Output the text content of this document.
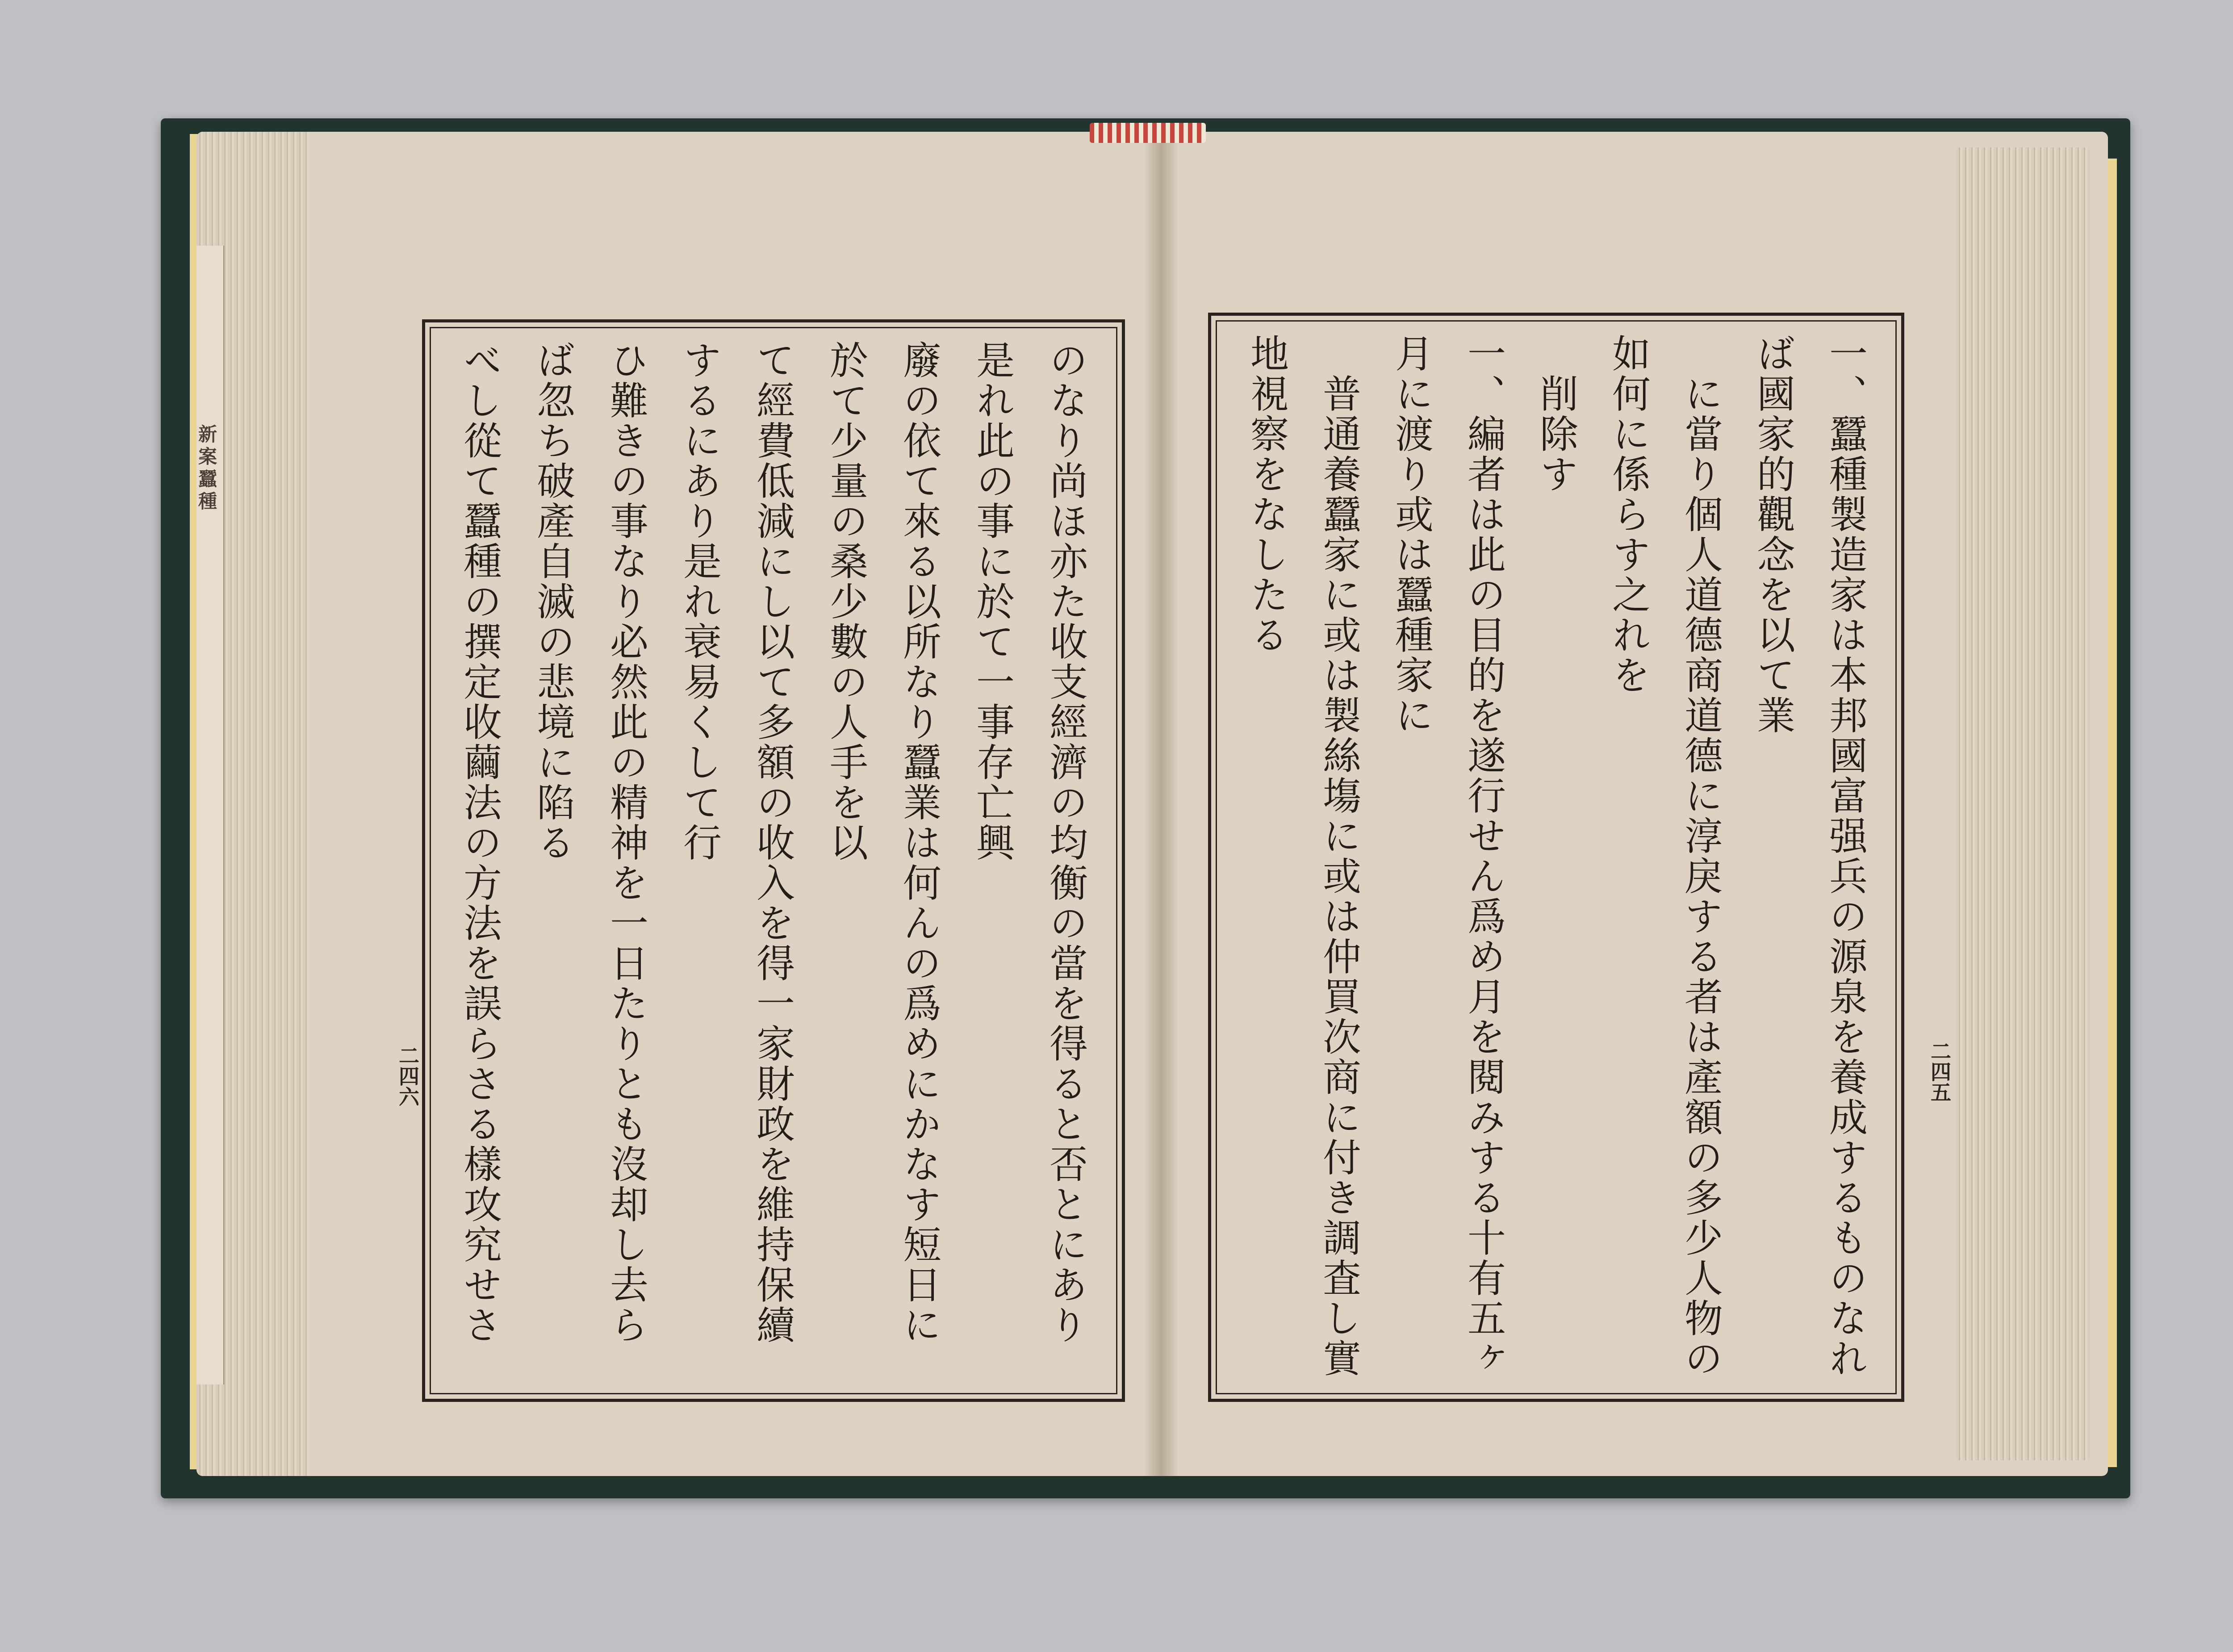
新案蠶種	のなり尚ほ亦た收支經濟の均衡の當を得ると否とにあり是れ此の事に於て一事存亡興
廢の依て來る以所なり蠶業は何んの爲めにかなす短日に於て少量の桑少數の人手を以
て經費低減にし以て多額の收入を得一家財政を維持保續するにあり是れ衰易くして行
ひ難きの事なり必然此の精神を一日たりとも沒却し去らば忽ち破產自滅の悲境に陷る
べし從て蠶種の撰定收繭法の方法を誤らさる樣攻究せさ

二四六	一、蠶種製造家は本邦國富强兵の源泉を養成するものなれば國家的觀念を以て業
　に當り個人道德商道德に淳戾する者は產額の多少人物の如何に係らす之れを
　削除す
一、編者は此の目的を遂行せん爲め月を閱みする十有五ヶ月に渡り或は蠶種家に
　普通養蠶家に或は製絲塲に或は仲買次商に付き調査し實地視察をなしたる

二四五
